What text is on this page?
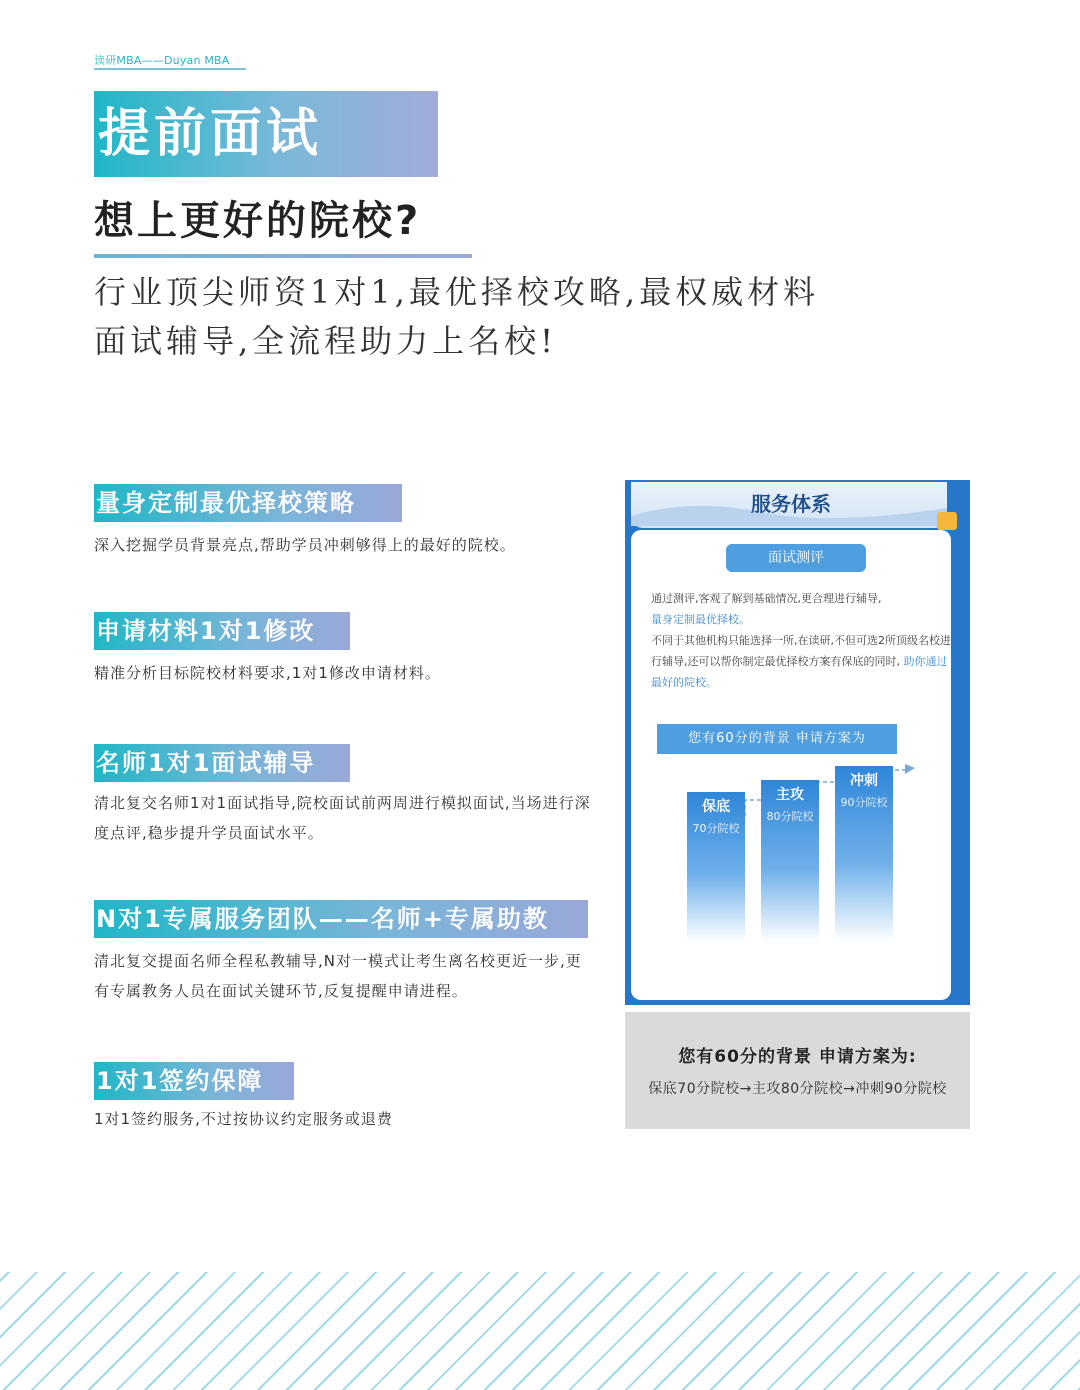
读研MBA——Duyan MBA
提前面试
想上更好的院校?
行业顶尖师资1对1,最优择校攻略,最权威材料
面试辅导,全流程助力上名校!
量身定制最优择校策略
深入挖掘学员背景亮点,帮助学员冲刺够得上的最好的院校。
申请材料1对1修改
精准分析目标院校材料要求,1对1修改申请材料。
名师1对1面试辅导
清北复交名师1对1面试指导,院校面试前两周进行模拟面试,当场进行深度点评,稳步提升学员面试水平。
N对1专属服务团队——名师+专属助教
清北复交提面名师全程私教辅导,N对一模式让考生离名校更近一步,更有专属教务人员在面试关键环节,反复提醒申请进程。
1对1签约保障
1对1签约服务,不过按协议约定服务或退费
服务体系
面试测评
通过测评,客观了解到基础情况,更合理进行辅导,
量身定制最优择校。
不同于其他机构只能选择一所,在读研,不但可选2所顶级名校进行辅导,还可以帮你制定最优择校方案有保底的同时, 助你通过最好的院校。
您有60分的背景 申请方案为
保底
70分院校
主攻
80分院校
冲刺
90分院校
您有60分的背景 申请方案为:
保底70分院校→主攻80分院校→冲刺90分院校
